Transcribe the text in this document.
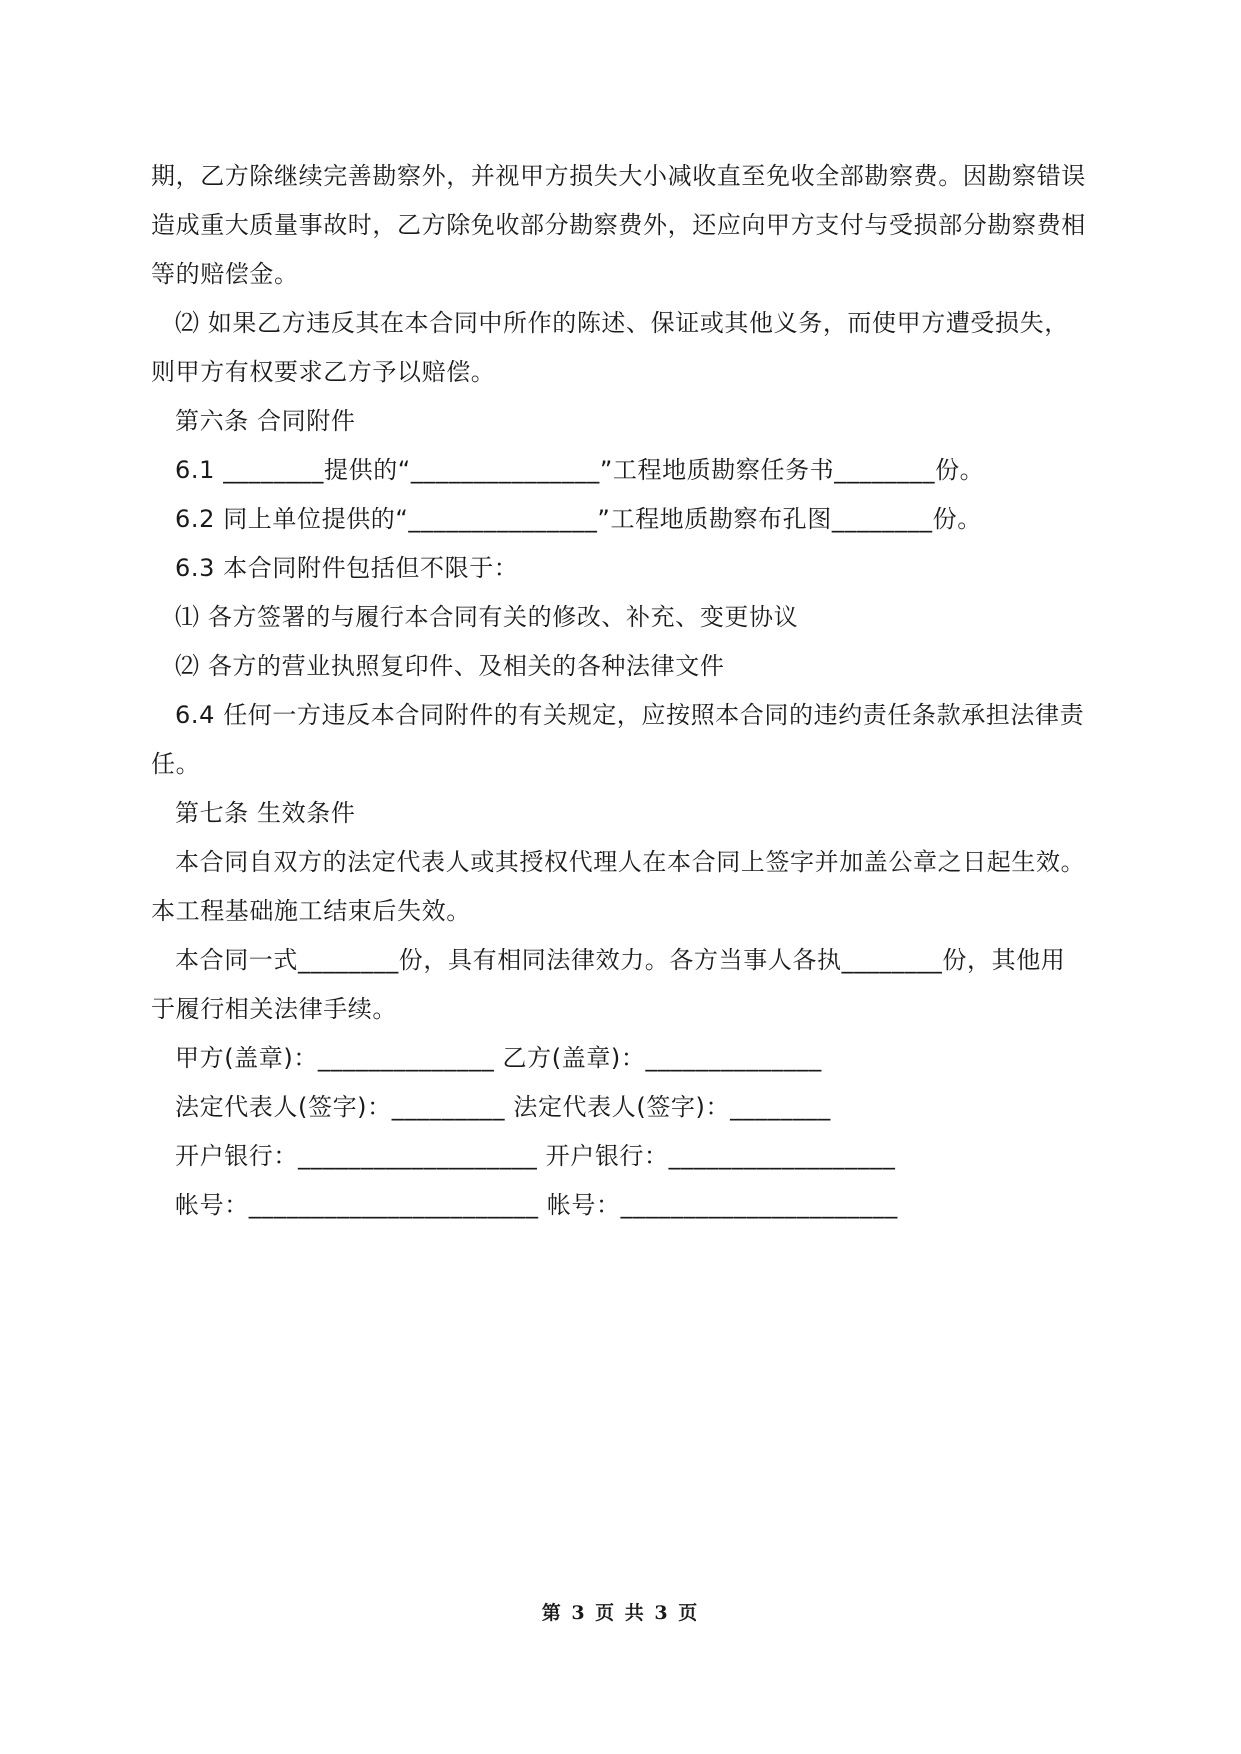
期，乙方除继续完善勘察外，并视甲方损失大小减收直至免收全部勘察费。因勘察错误
造成重大质量事故时，乙方除免收部分勘察费外，还应向甲方支付与受损部分勘察费相
等的赔偿金。
⑵ 如果乙方违反其在本合同中所作的陈述、保证或其他义务，而使甲方遭受损失，
则甲方有权要求乙方予以赔偿。
第六条 合同附件
6.1 ________提供的“_______________”工程地质勘察任务书________份。
6.2 同上单位提供的“_______________”工程地质勘察布孔图________份。
6.3 本合同附件包括但不限于：
⑴ 各方签署的与履行本合同有关的修改、补充、变更协议
⑵ 各方的营业执照复印件、及相关的各种法律文件
6.4 任何一方违反本合同附件的有关规定，应按照本合同的违约责任条款承担法律责
任。
第七条 生效条件
本合同自双方的法定代表人或其授权代理人在本合同上签字并加盖公章之日起生效。
本工程基础施工结束后失效。
本合同一式________份，具有相同法律效力。各方当事人各执________份，其他用
于履行相关法律手续。
甲方(盖章)：______________ 乙方(盖章)：______________
法定代表人(签字)：_________ 法定代表人(签字)：________
开户银行：___________________ 开户银行：__________________
帐号：_______________________ 帐号：______________________
第 3 页 共 3 页
